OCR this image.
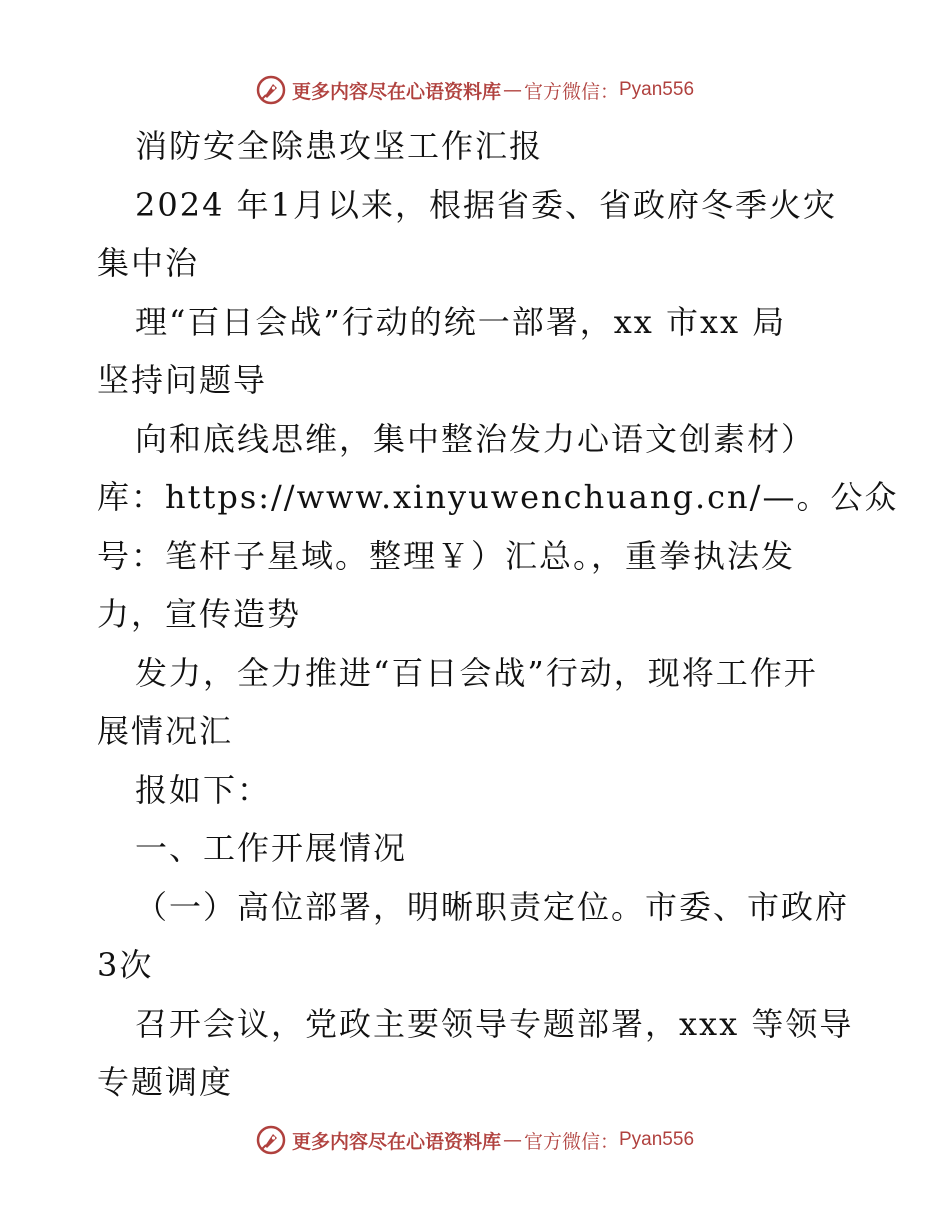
更多内容尽在心语资料库 — 官方微信： Pyan556
消防安全除患攻坚工作汇报
2024 年1月以来，根据省委、省政府冬季火灾
集中治
理“百日会战”行动的统一部署，xx 市xx 局
坚持问题导
向和底线思维，集中整治发力心语文创素材）
库：https://www.xinyuwenchuang.cn/—。公众
号：笔杆子星域。整理￥）汇总。，重拳执法发
力，宣传造势
发力，全力推进“百日会战”行动，现将工作开
展情况汇
报如下：
一、工作开展情况
（一）高位部署，明晰职责定位。市委、市政府
3次
召开会议，党政主要领导专题部署，xxx 等领导
专题调度
更多内容尽在心语资料库 — 官方微信： Pyan556
